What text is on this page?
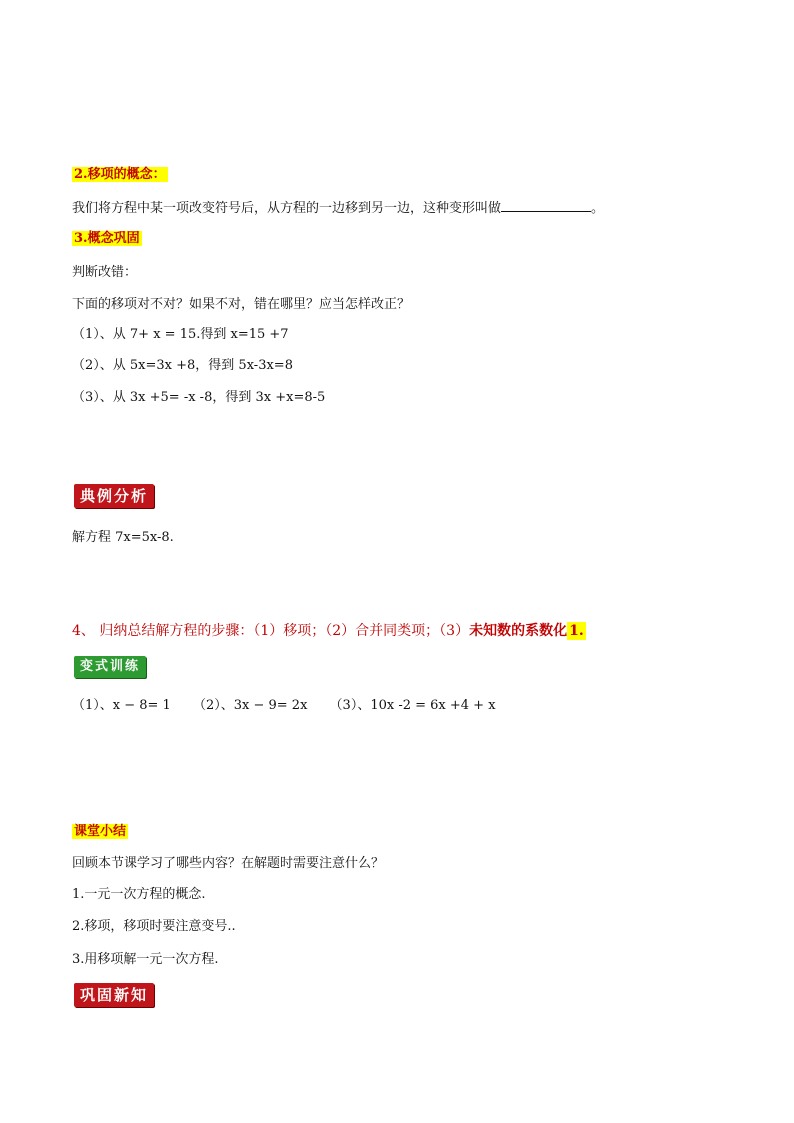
2.移项的概念：
我们将方程中某一项改变符号后，从方程的一边移到另一边，这种变形叫做	。
3.概念巩固
判断改错：
下面的移项对不对？如果不对，错在哪里？应当怎样改正？
（1）、从 7+ x = 15.得到 x=15 +7
（2）、从 5x=3x +8，得到 5x-3x=8
（3）、从 3x +5= -x -8，得到 3x +x=8-5
典例分析
解方程 7x=5x-8.
4、 归纳总结解方程的步骤：（1）移项；（2）合并同类项；（3）未知数的系数化 1.
变式训练
（1）、x − 8= 1 （2）、3x − 9= 2x （3）、10x -2 = 6x +4 + x
课堂小结
回顾本节课学习了哪些内容？在解题时需要注意什么？
1.一元一次方程的概念.
2.移项，移项时要注意变号..
3.用移项解一元一次方程.
巩固新知
